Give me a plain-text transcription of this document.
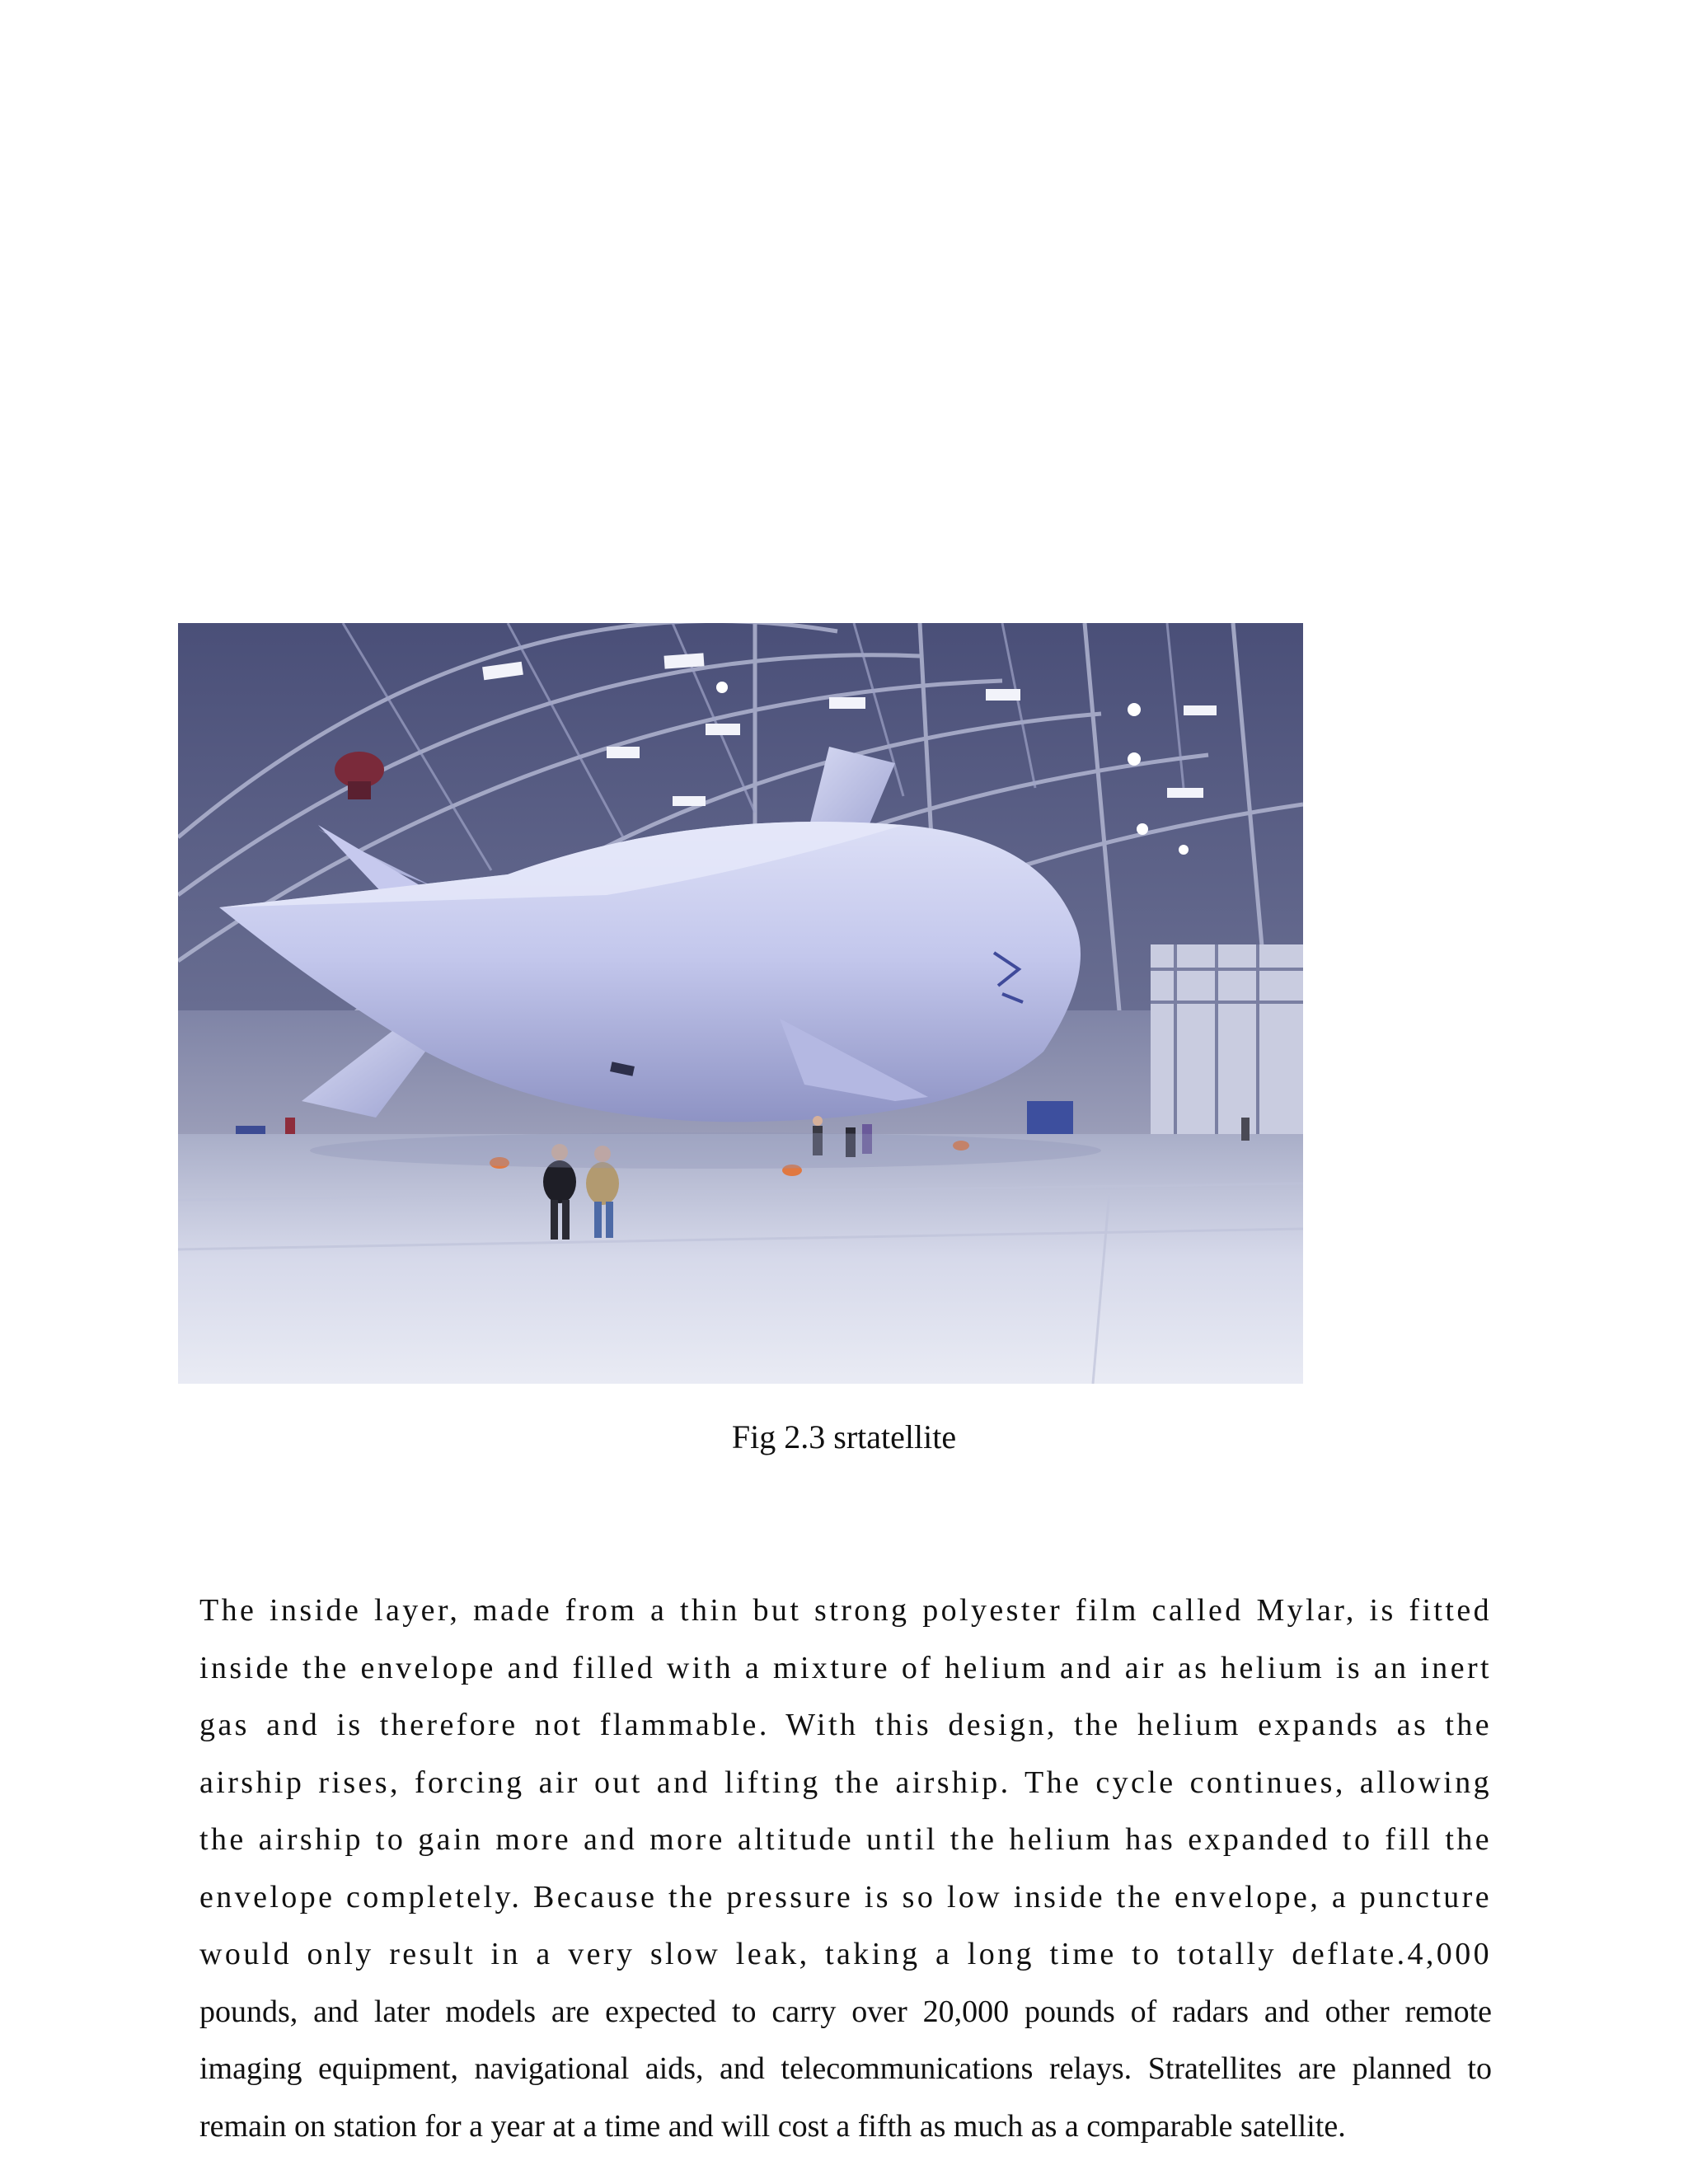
Fig 2.3 srtatellite
The inside layer, made from a thin but strong polyester film called Mylar, is fitted
inside the envelope and filled with a mixture of helium and air as helium is an inert
gas and is therefore not flammable. With this design, the helium expands as the
airship rises, forcing air out and lifting the airship. The cycle continues, allowing
the airship to gain more and more altitude until the helium has expanded to fill the
envelope completely. Because the pressure is so low inside the envelope, a puncture
would only result in a very slow leak, taking a long time to totally deflate.4,000
pounds, and later models are expected to carry over 20,000 pounds of radars and other remote
imaging equipment, navigational aids, and telecommunications relays. Stratellites are planned to
remain on station for a year at a time and will cost a fifth as much as a comparable satellite.
